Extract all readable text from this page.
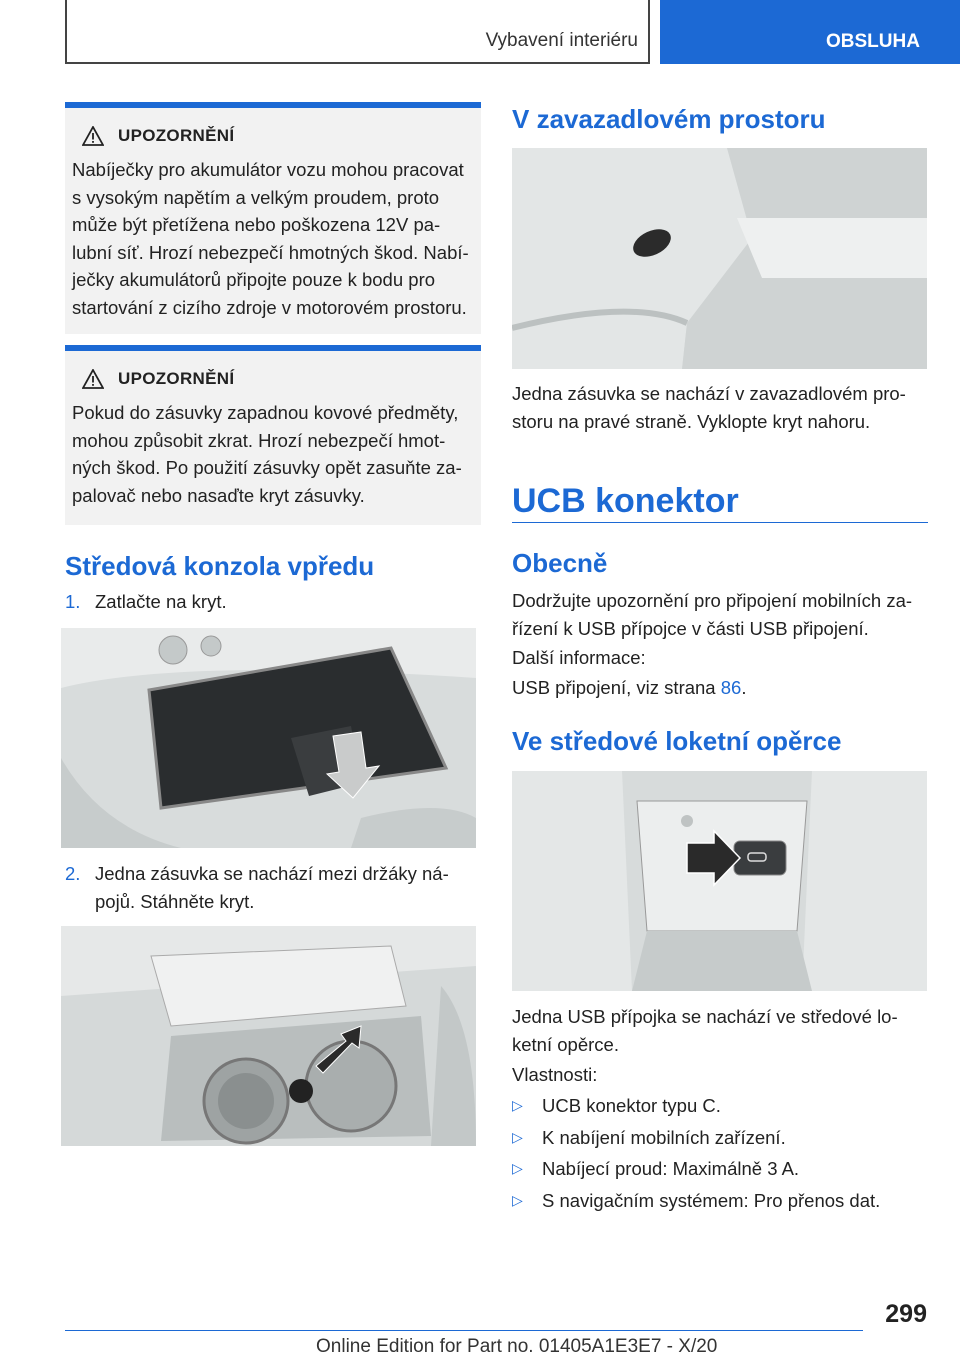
Vybavení interiéru	OBSLUHA
UPOZORNĚNÍ
Nabíječky pro akumulátor vozu mohou pracovat
s vysokým napětím a velkým proudem, proto
může být přetížena nebo poškozena 12V pa-
lubní síť. Hrozí nebezpečí hmotných škod. Nabí-
ječky akumulátorů připojte pouze k bodu pro
startování z cizího zdroje v motorovém prostoru.
UPOZORNĚNÍ
Pokud do zásuvky zapadnou kovové předměty,
mohou způsobit zkrat. Hrozí nebezpečí hmot-
ných škod. Po použití zásuvky opět zasuňte za-
palovač nebo nasaďte kryt zásuvky.
Středová konzola vpředu
1. Zatlačte na kryt.
2. Jedna zásuvka se nachází mezi držáky ná-
pojů. Stáhněte kryt.
V zavazadlovém prostoru
Jedna zásuvka se nachází v zavazadlovém pro-
storu na pravé straně. Vyklopte kryt nahoru.
UCB konektor
Obecně
Dodržujte upozornění pro připojení mobilních za-
řízení k USB přípojce v části USB připojení.
Další informace:
USB připojení, viz strana 86.
Ve středové loketní opěrce
Jedna USB přípojka se nachází ve středové lo-
ketní opěrce.
Vlastnosti:
▷	UCB konektor typu C.
▷	K nabíjení mobilních zařízení.
▷	Nabíjecí proud: Maximálně 3 A.
▷	S navigačním systémem: Pro přenos dat.
299
Online Edition for Part no. 01405A1E3E7 - X/20
